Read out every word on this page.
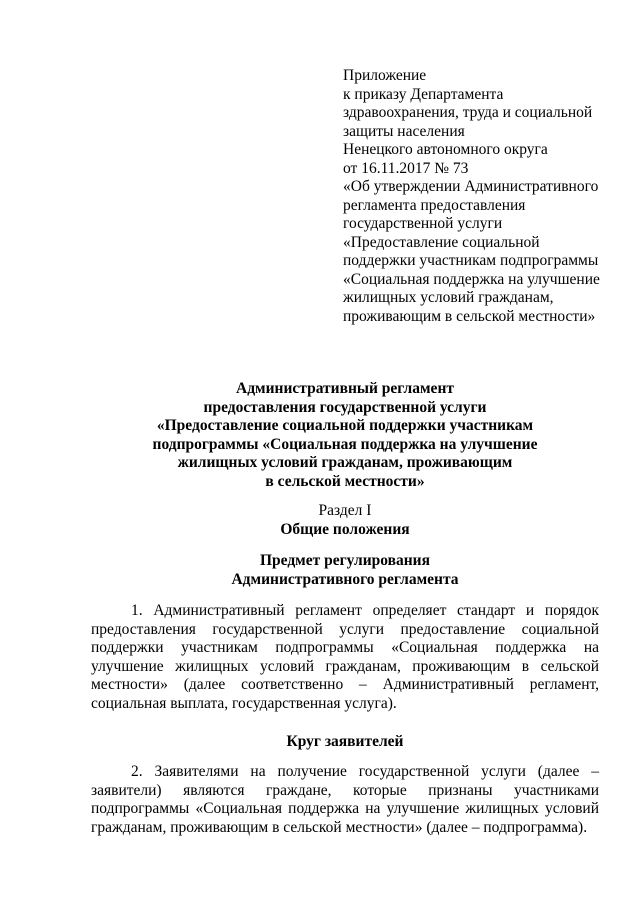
Приложение
к приказу Департамента
здравоохранения, труда и социальной
защиты населения
Ненецкого автономного округа
от 16.11.2017 № 73
«Об утверждении Административного
регламента предоставления
государственной услуги
«Предоставление социальной
поддержки участникам подпрограммы
«Социальная поддержка на улучшение
жилищных условий гражданам,
проживающим в сельской местности»
Административный регламент
предоставления государственной услуги
«Предоставление социальной поддержки участникам
подпрограммы «Социальная поддержка на улучшение
жилищных условий гражданам, проживающим
в сельской местности»
Раздел I
Общие положения
Предмет регулирования
Административного регламента
1. Административный регламент определяет стандарт и порядок
предоставления государственной услуги предоставление социальной
поддержки участникам подпрограммы «Социальная поддержка на
улучшение жилищных условий гражданам, проживающим в сельской
местности» (далее соответственно – Административный регламент,
социальная выплата, государственная услуга).
Круг заявителей
2. Заявителями на получение государственной услуги (далее –
заявители) являются граждане, которые признаны участниками
подпрограммы «Социальная поддержка на улучшение жилищных условий
гражданам, проживающим в сельской местности» (далее – подпрограмма).
